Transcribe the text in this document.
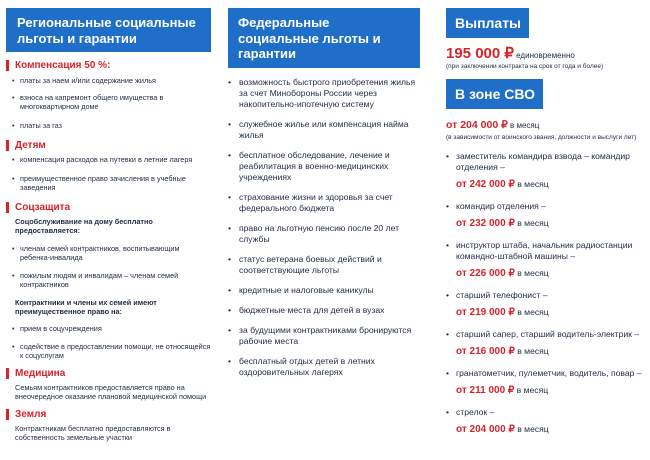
Региональные социальные льготы и гарантии
Компенсация 50 %:
• платы за наем и/или содержание жилья
• взноса на капремонт общего имущества в многоквартирном доме
• платы за газ
Детям
• компенсация расходов на путевки в летние лагеря
• преимущественное право зачисления в учебные заведения
Соцзащита
Соцобслуживание на дому бесплатно предоставляется:
• членам семей контрактников, воспитывающим ребенка-инвалида
• пожилым людям и инвалидам – членам семей контрактников
Контрактники и члены их семей имеют преимущественное право на:
• прием в соцучреждения
• содействие в предоставлении помощи, не относящейся к соцуслугам
Медицина
Семьям контрактников предоставляется право на внеочередное оказание плановой медицинской помощи
Земля
Контрактникам бесплатно предоставляются в собственность земельные участки
Федеральные социальные льготы и гарантии
• возможность быстрого приобретения жилья за счет Минобороны России через накопительно-ипотечную систему
• служебное жилье или компенсация найма жилья
• бесплатное обследование, лечение и реабилитация в военно-медицинских учреждениях
• страхование жизни и здоровья за счет федерального бюджета
• право на льготную пенсию после 20 лет службы
• статус ветерана боевых действий и соответствующие льготы
• кредитные и налоговые каникулы
• бюджетные места для детей в вузах
• за будущими контрактниками бронируются рабочие места
• бесплатный отдых детей в летних оздоровительных лагерях
Выплаты
195 000 ₽ единовременно
(при заключении контракта на срок от года и более)
В зоне СВО
от 204 000 ₽ в месяц
(в зависимости от воинского звания, должности и выслуги лет)
• заместитель командира взвода – командир отделения –
от 242 000 ₽ в месяц
• командир отделения –
от 232 000 ₽ в месяц
• инструктор штаба, начальник радиостанции командно-штабной машины –
от 226 000 ₽ в месяц
• старший телефонист –
от 219 000 ₽ в месяц
• старший сапер, старший водитель-электрик –
от 216 000 ₽ в месяц
• гранатометчик, пулеметчик, водитель, повар –
от 211 000 ₽ в месяц
• стрелок –
от 204 000 ₽ в месяц
